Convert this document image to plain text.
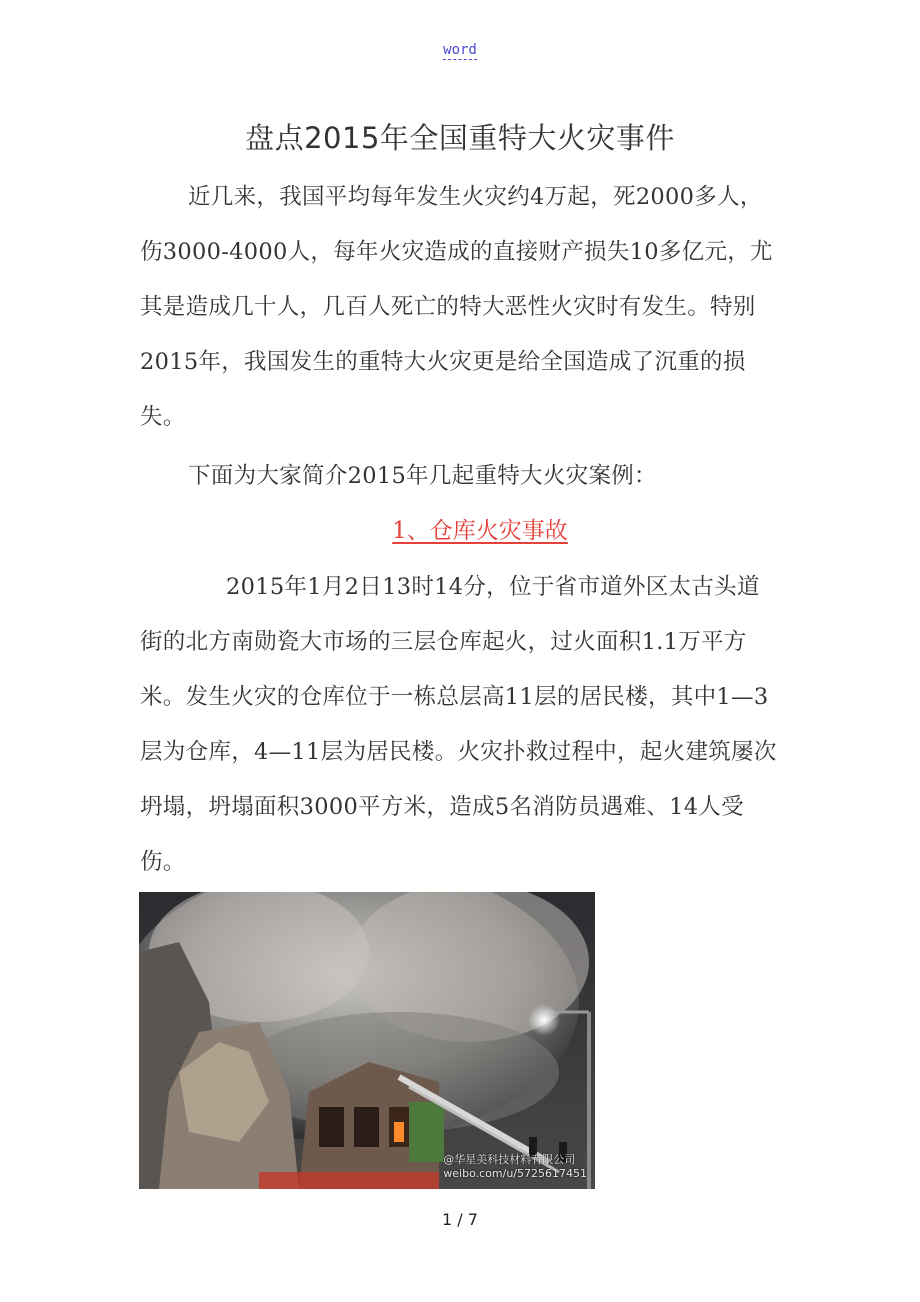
word
盘点2015年全国重特大火灾事件
近几来，我国平均每年发生火灾约4万起，死2000多人，伤3000-4000人，每年火灾造成的直接财产损失10多亿元，尤其是造成几十人，几百人死亡的特大恶性火灾时有发生。特别2015年，我国发生的重特大火灾更是给全国造成了沉重的损失。
下面为大家简介2015年几起重特大火灾案例：
1、仓库火灾事故
2015年1月2日13时14分，位于省市道外区太古头道街的北方南勋瓷大市场的三层仓库起火，过火面积1.1万平方米。发生火灾的仓库位于一栋总层高11层的居民楼，其中1—3层为仓库，4—11层为居民楼。火灾扑救过程中，起火建筑屡次坍塌，坍塌面积3000平方米，造成5名消防员遇难、14人受伤。
@华星美科技材料有限公司
weibo.com/u/5725617451
1 / 7
